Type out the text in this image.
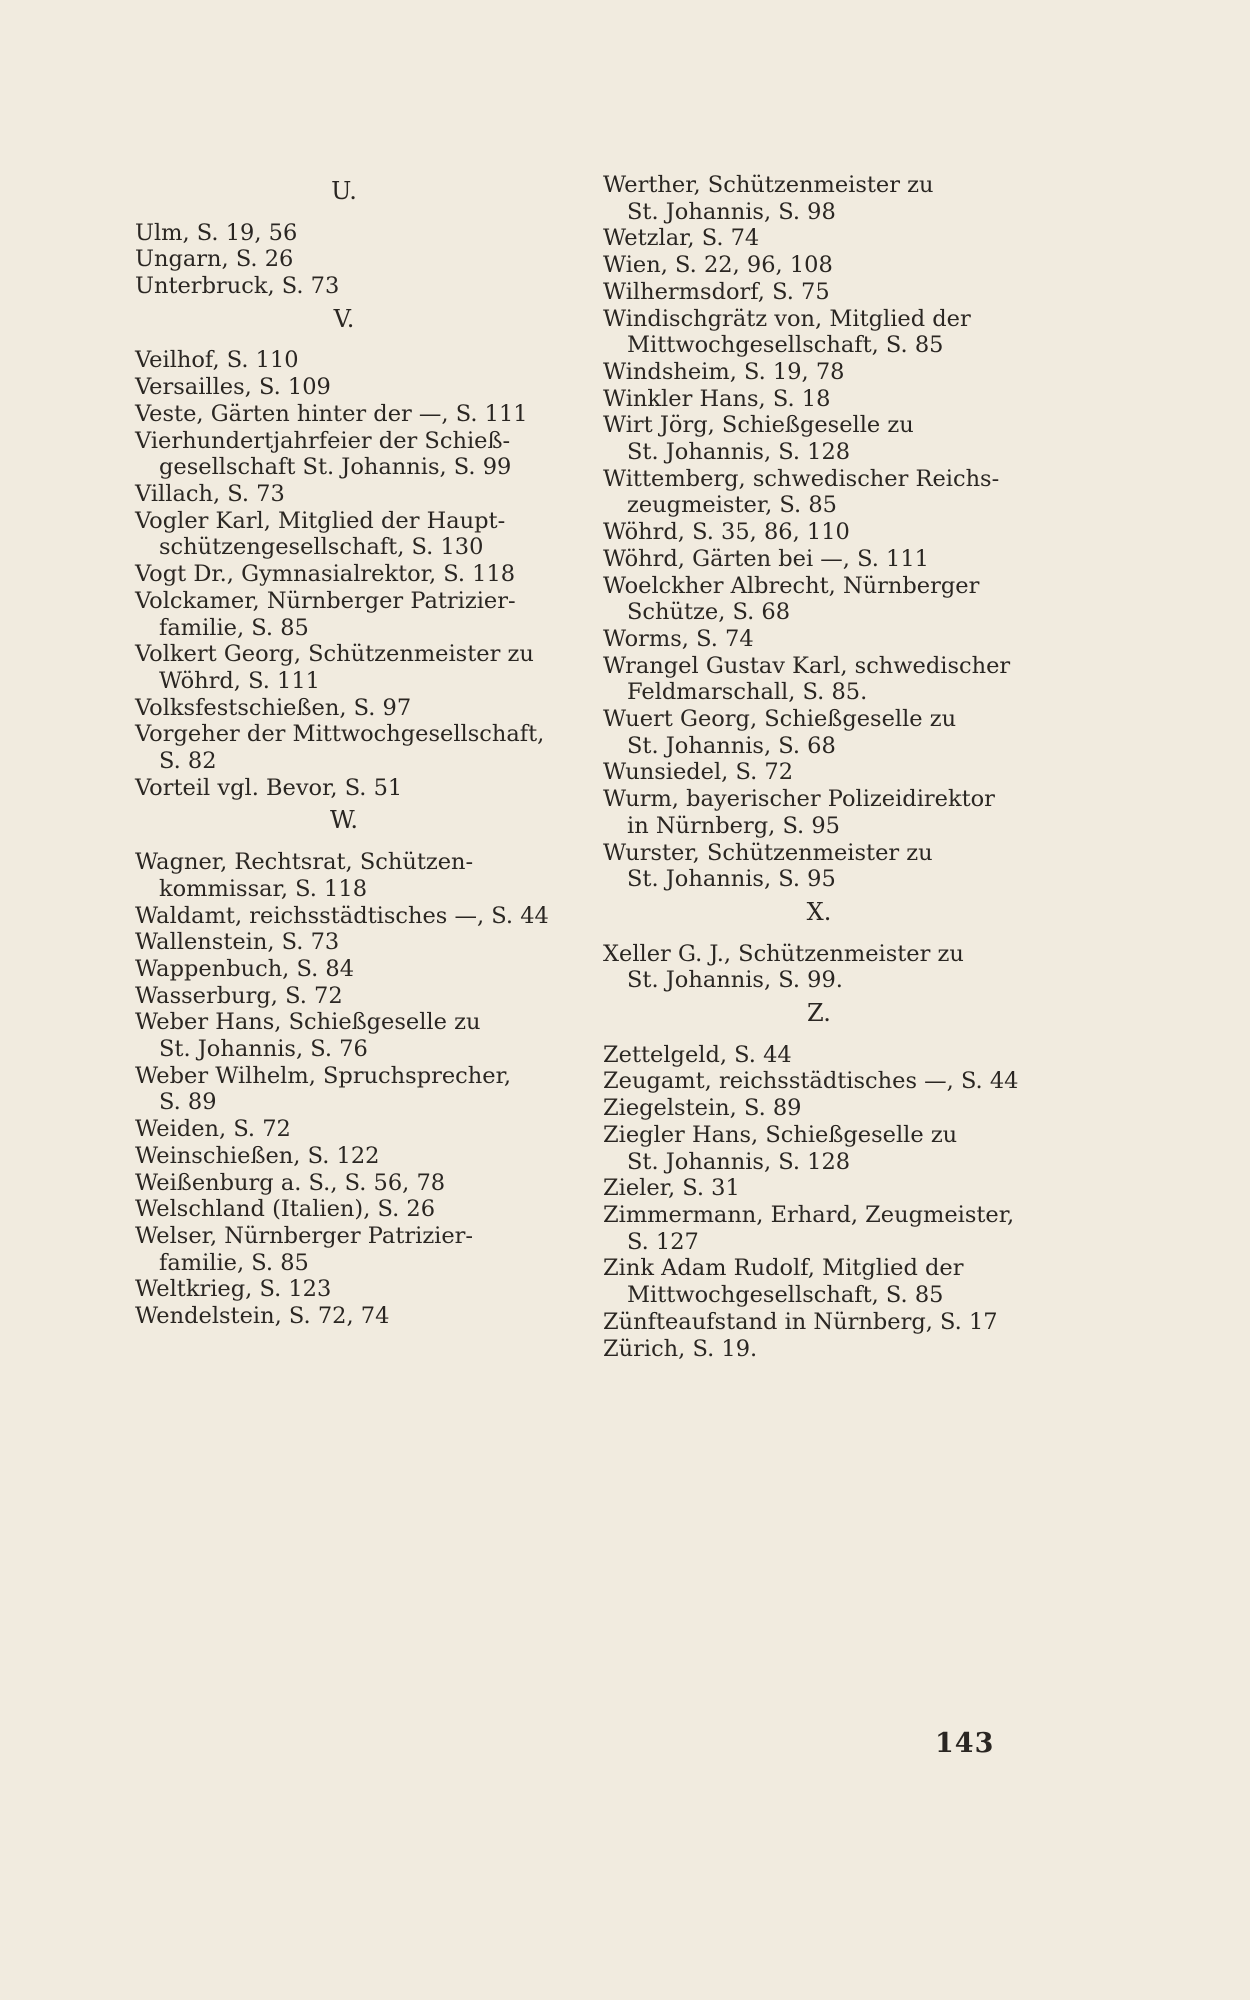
U.
Ulm, S. 19, 56
Ungarn, S. 26
Unterbruck, S. 73
V.
Veilhof, S. 110
Versailles, S. 109
Veste, Gärten hinter der —, S. 111
Vierhundertjahrfeier der Schieß-
gesellschaft St. Johannis, S. 99
Villach, S. 73
Vogler Karl, Mitglied der Haupt-
schützengesellschaft, S. 130
Vogt Dr., Gymnasialrektor, S. 118
Volckamer, Nürnberger Patrizier-
familie, S. 85
Volkert Georg, Schützenmeister zu
Wöhrd, S. 111
Volksfestschießen, S. 97
Vorgeher der Mittwochgesellschaft,
S. 82
Vorteil vgl. Bevor, S. 51
W.
Wagner, Rechtsrat, Schützen-
kommissar, S. 118
Waldamt, reichsstädtisches —, S. 44
Wallenstein, S. 73
Wappenbuch, S. 84
Wasserburg, S. 72
Weber Hans, Schießgeselle zu
St. Johannis, S. 76
Weber Wilhelm, Spruchsprecher,
S. 89
Weiden, S. 72
Weinschießen, S. 122
Weißenburg a. S., S. 56, 78
Welschland (Italien), S. 26
Welser, Nürnberger Patrizier-
familie, S. 85
Weltkrieg, S. 123
Wendelstein, S. 72, 74
Werther, Schützenmeister zu
St. Johannis, S. 98
Wetzlar, S. 74
Wien, S. 22, 96, 108
Wilhermsdorf, S. 75
Windischgrätz von, Mitglied der
Mittwochgesellschaft, S. 85
Windsheim, S. 19, 78
Winkler Hans, S. 18
Wirt Jörg, Schießgeselle zu
St. Johannis, S. 128
Wittemberg, schwedischer Reichs-
zeugmeister, S. 85
Wöhrd, S. 35, 86, 110
Wöhrd, Gärten bei —, S. 111
Woelckher Albrecht, Nürnberger
Schütze, S. 68
Worms, S. 74
Wrangel Gustav Karl, schwedischer
Feldmarschall, S. 85.
Wuert Georg, Schießgeselle zu
St. Johannis, S. 68
Wunsiedel, S. 72
Wurm, bayerischer Polizeidirektor
in Nürnberg, S. 95
Wurster, Schützenmeister zu
St. Johannis, S. 95
X.
Xeller G. J., Schützenmeister zu
St. Johannis, S. 99.
Z.
Zettelgeld, S. 44
Zeugamt, reichsstädtisches —, S. 44
Ziegelstein, S. 89
Ziegler Hans, Schießgeselle zu
St. Johannis, S. 128
Zieler, S. 31
Zimmermann, Erhard, Zeugmeister,
S. 127
Zink Adam Rudolf, Mitglied der
Mittwochgesellschaft, S. 85
Zünfteaufstand in Nürnberg, S. 17
Zürich, S. 19.
143
